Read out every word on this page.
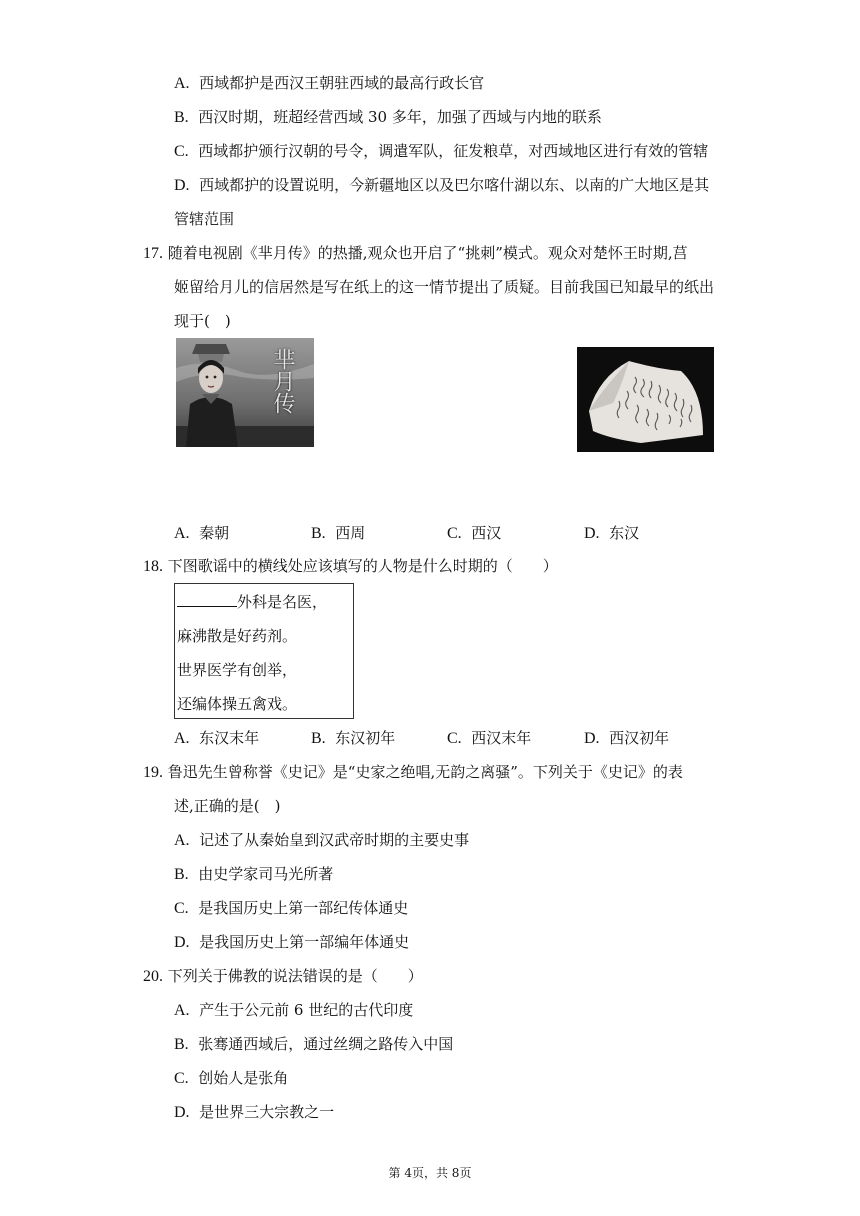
A. 西域都护是西汉王朝驻西域的最高行政长官
B. 西汉时期，班超经营西域 30 多年，加强了西域与内地的联系
C. 西域都护颁行汉朝的号令，调遣军队，征发粮草，对西域地区进行有效的管辖
D. 西域都护的设置说明，今新疆地区以及巴尔喀什湖以东、以南的广大地区是其
管辖范围
17. 随着电视剧《芈月传》的热播,观众也开启了“挑刺”模式。观众对楚怀王时期,莒
姬留给月儿的信居然是写在纸上的这一情节提出了质疑。目前我国已知最早的纸出
现于(　)
芈月传
A. 秦朝	B. 西周	C. 西汉	D. 东汉
18. 下图歌谣中的横线处应该填写的人物是什么时期的（　　）
外科是名医，
麻沸散是好药剂。
世界医学有创举，
还编体操五禽戏。
A. 东汉末年	B. 东汉初年	C. 西汉末年	D. 西汉初年
19. 鲁迅先生曾称誉《史记》是“史家之绝唱,无韵之离骚”。下列关于《史记》的表
述,正确的是(　)
A. 记述了从秦始皇到汉武帝时期的主要史事
B. 由史学家司马光所著
C. 是我国历史上第一部纪传体通史
D. 是我国历史上第一部编年体通史
20. 下列关于佛教的说法错误的是（　　）
A. 产生于公元前 6 世纪的古代印度
B. 张骞通西域后，通过丝绸之路传入中国
C. 创始人是张角
D. 是世界三大宗教之一
第 4页，共 8页
